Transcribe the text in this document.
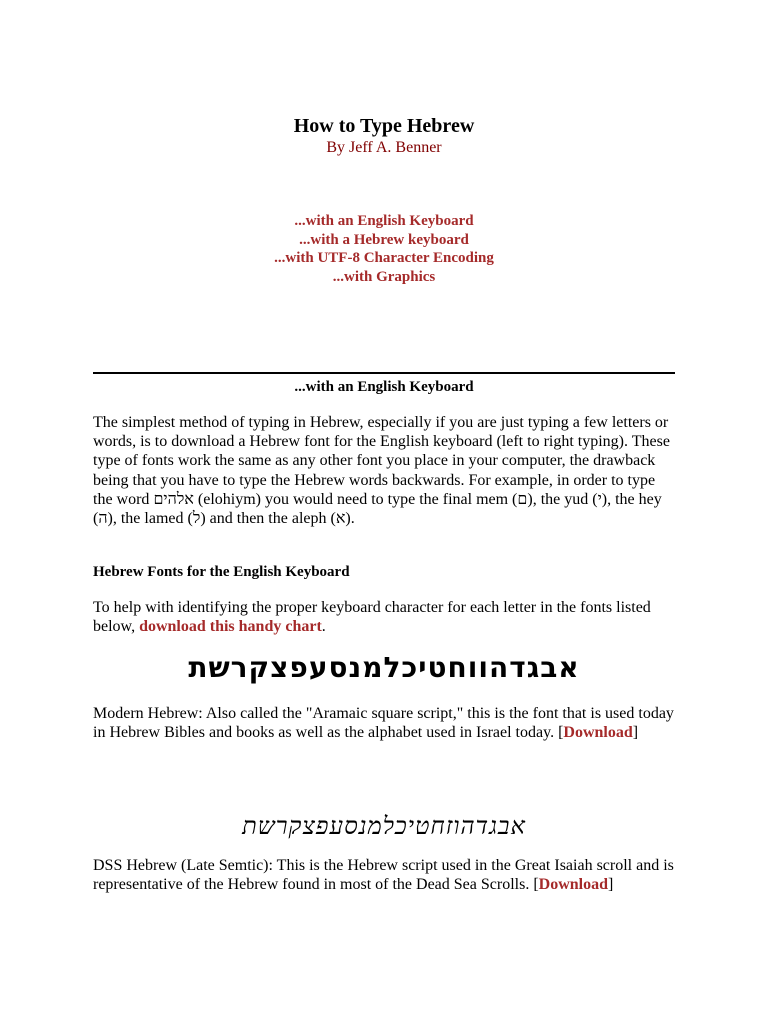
How to Type Hebrew
By Jeff A. Benner
...with an English Keyboard
...with a Hebrew keyboard
...with UTF-8 Character Encoding
...with Graphics
...with an English Keyboard
The simplest method of typing in Hebrew, especially if you are just typing a few letters or words, is to download a Hebrew font for the English keyboard (left to right typing). These type of fonts work the same as any other font you place in your computer, the drawback being that you have to type the Hebrew words backwards. For example, in order to type the word אלהים (elohiym) you would need to type the final mem (ם), the yud (י), the hey (ה), the lamed (ל) and then the aleph (א).
Hebrew Fonts for the English Keyboard
To help with identifying the proper keyboard character for each letter in the fonts listed below, download this handy chart.
אבגדהווחטיכלמנסעפצקרשת
Modern Hebrew: Also called the "Aramaic square script," this is the font that is used today in Hebrew Bibles and books as well as the alphabet used in Israel today. [Download]
אבגדהוזחטיכלמנסעפצקרשת
DSS Hebrew (Late Semtic): This is the Hebrew script used in the Great Isaiah scroll and is representative of the Hebrew found in most of the Dead Sea Scrolls. [Download]
